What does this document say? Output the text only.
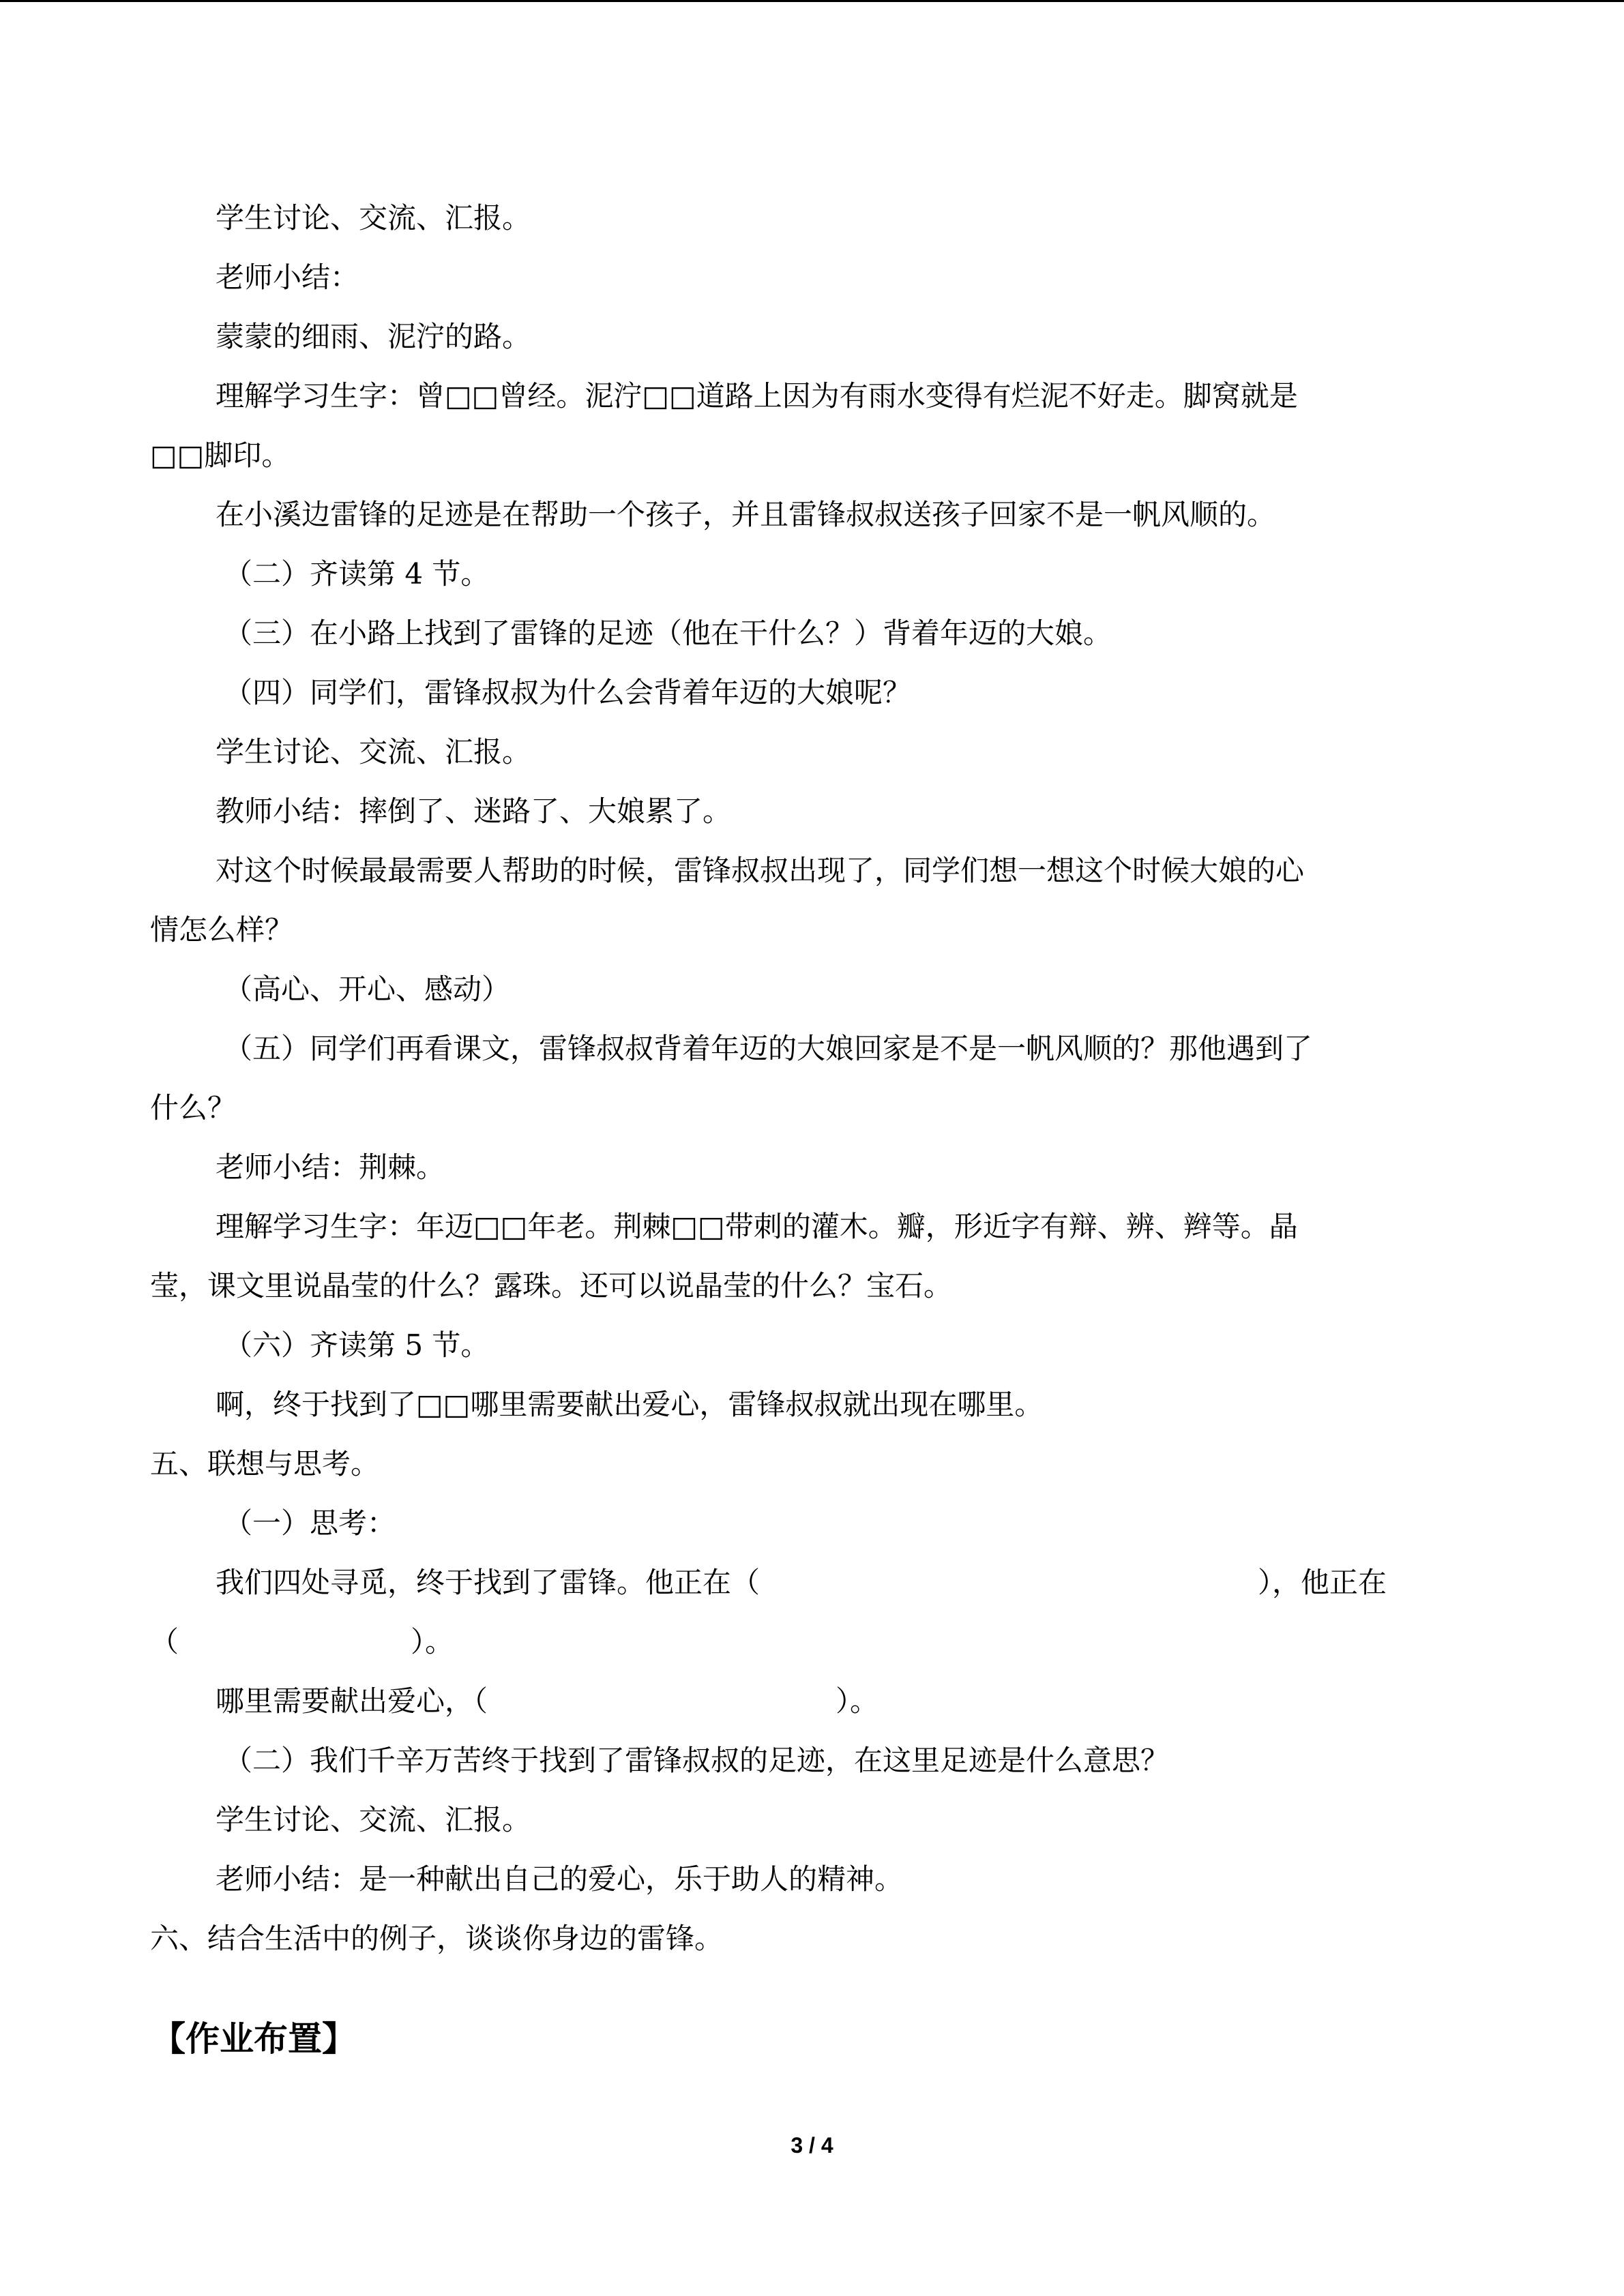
学生讨论、交流、汇报。
老师小结：
蒙蒙的细雨、泥泞的路。
理解学习生字：曾□□曾经。泥泞□□道路上因为有雨水变得有烂泥不好走。脚窝就是
□□脚印。
在小溪边雷锋的足迹是在帮助一个孩子，并且雷锋叔叔送孩子回家不是一帆风顺的。
（二）齐读第 4 节。
（三）在小路上找到了雷锋的足迹（他在干什么？）背着年迈的大娘。
（四）同学们，雷锋叔叔为什么会背着年迈的大娘呢？
学生讨论、交流、汇报。
教师小结：摔倒了、迷路了、大娘累了。
对这个时候最最需要人帮助的时候，雷锋叔叔出现了，同学们想一想这个时候大娘的心
情怎么样？
（高心、开心、感动）
（五）同学们再看课文，雷锋叔叔背着年迈的大娘回家是不是一帆风顺的？那他遇到了
什么？
老师小结：荆棘。
理解学习生字：年迈□□年老。荆棘□□带刺的灌木。瓣，形近字有辩、辨、辫等。晶
莹，课文里说晶莹的什么？露珠。还可以说晶莹的什么？宝石。
（六）齐读第 5 节。
啊，终于找到了□□哪里需要献出爱心，雷锋叔叔就出现在哪里。
五、联想与思考。
（一）思考：
我们四处寻觅，终于找到了雷锋。他正在（	），他正在
（	）。
哪里需要献出爱心，（	）。
（二）我们千辛万苦终于找到了雷锋叔叔的足迹，在这里足迹是什么意思？
学生讨论、交流、汇报。
老师小结：是一种献出自己的爱心，乐于助人的精神。
六、结合生活中的例子，谈谈你身边的雷锋。
【作业布置】
3 / 4
